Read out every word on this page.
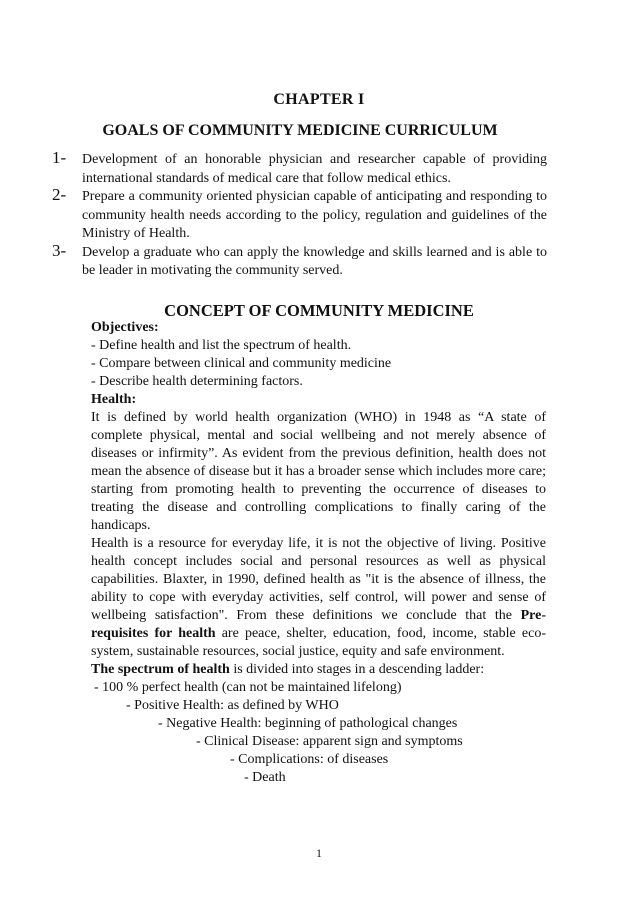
CHAPTER I
GOALS OF COMMUNITY MEDICINE CURRICULUM
1- Development of an honorable physician and researcher capable of providing international standards of medical care that follow medical ethics.
2- Prepare a community oriented physician capable of anticipating and responding to community health needs according to the policy, regulation and guidelines of the Ministry of Health.
3- Develop a graduate who can apply the knowledge and skills learned and is able to be leader in motivating the community served.
CONCEPT OF COMMUNITY MEDICINE
Objectives:
- Define health and list the spectrum of health.
- Compare between clinical and community medicine
- Describe health determining factors.
Health:

It is defined by world health organization (WHO) in 1948 as “A state of complete physical, mental and social wellbeing and not merely absence of diseases or infirmity”. As evident from the previous definition, health does not mean the absence of disease but it has a broader sense which includes more care; starting from promoting health to preventing the occurrence of diseases to treating the disease and controlling complications to finally caring of the handicaps.

Health is a resource for everyday life, it is not the objective of living. Positive health concept includes social and personal resources as well as physical capabilities. Blaxter, in 1990, defined health as "it is the absence of illness, the ability to cope with everyday activities, self control, will power and sense of wellbeing satisfaction". From these definitions we conclude that the Pre-requisites for health are peace, shelter, education, food, income, stable eco-system, sustainable resources, social justice, equity and safe environment.

The spectrum of health is divided into stages in a descending ladder:

- 100 % perfect health (can not be maintained lifelong)
- Positive Health: as defined by WHO
- Negative Health: beginning of pathological changes
- Clinical Disease: apparent sign and symptoms
- Complications: of diseases
- Death
1
